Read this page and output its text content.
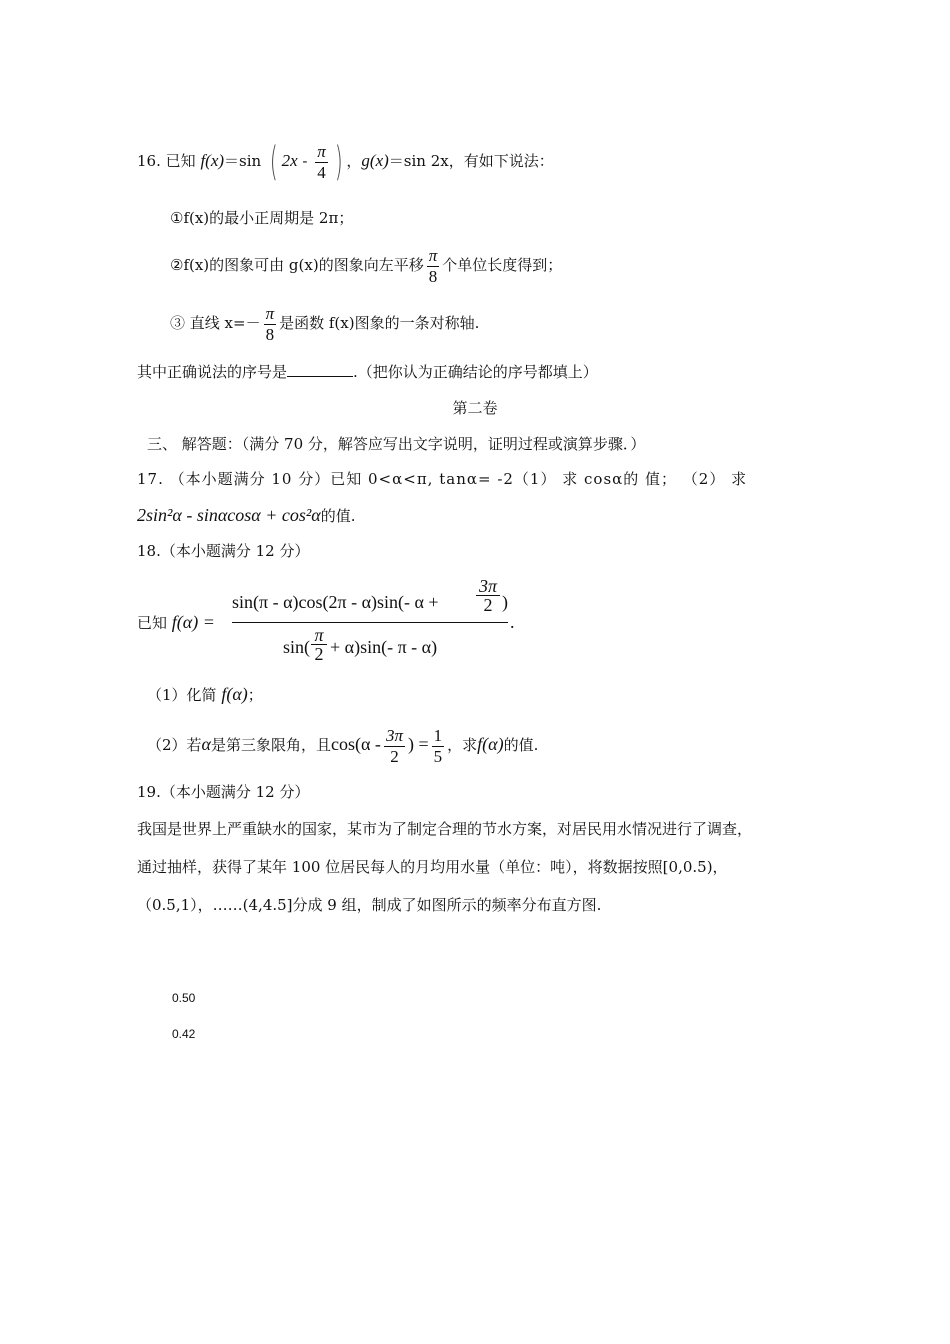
16. 已知 f(x)＝sin ( $2x - \frac{\pi}{4}$ ) ，g(x)＝sin 2x，有如下说法：
①f(x)的最小正周期是 2π；
②f(x)的图象可由 g(x)的图象向左平移 $\frac{\pi}{8}$ 个单位长度得到；
③ 直线 $x=- \frac{\pi}{8}$ 是函数 f(x)图象的一条对称轴.
其中正确说法的序号是	.（把你认为正确结论的序号都填上）
第二卷
三、 解答题：（满分 70 分，解答应写出文字说明，证明过程或演算步骤．）
17. （本小题满分 10 分）已知 0<α<π, tanα= -2（1） 求 cosα的 值； （2） 求
2sin²α - sinαcosα + cos²α的值.
18.（本小题满分 12 分）
已知 f(α) =
sin(π - α)cos(2π - α)sin(- α +
3π
2 )
.
sin(
π
2 + α)sin(- π - α)
（1）化简 f(α)；
（2）若α是第三象限角，且$\cos(\alpha - \frac{3\pi}{2}$ ) = $\frac{1}{5}$ ，求f(α)的值.
19.（本小题满分 12 分）
我国是世界上严重缺水的国家，某市为了制定合理的节水方案，对居民用水情况进行了调查，
通过抽样，获得了某年 100 位居民每人的月均用水量（单位：吨），将数据按照[0,0.5)，
（0.5,1），……(4,4.5]分成 9 组，制成了如图所示的频率分布直方图.
0.50
0.42
